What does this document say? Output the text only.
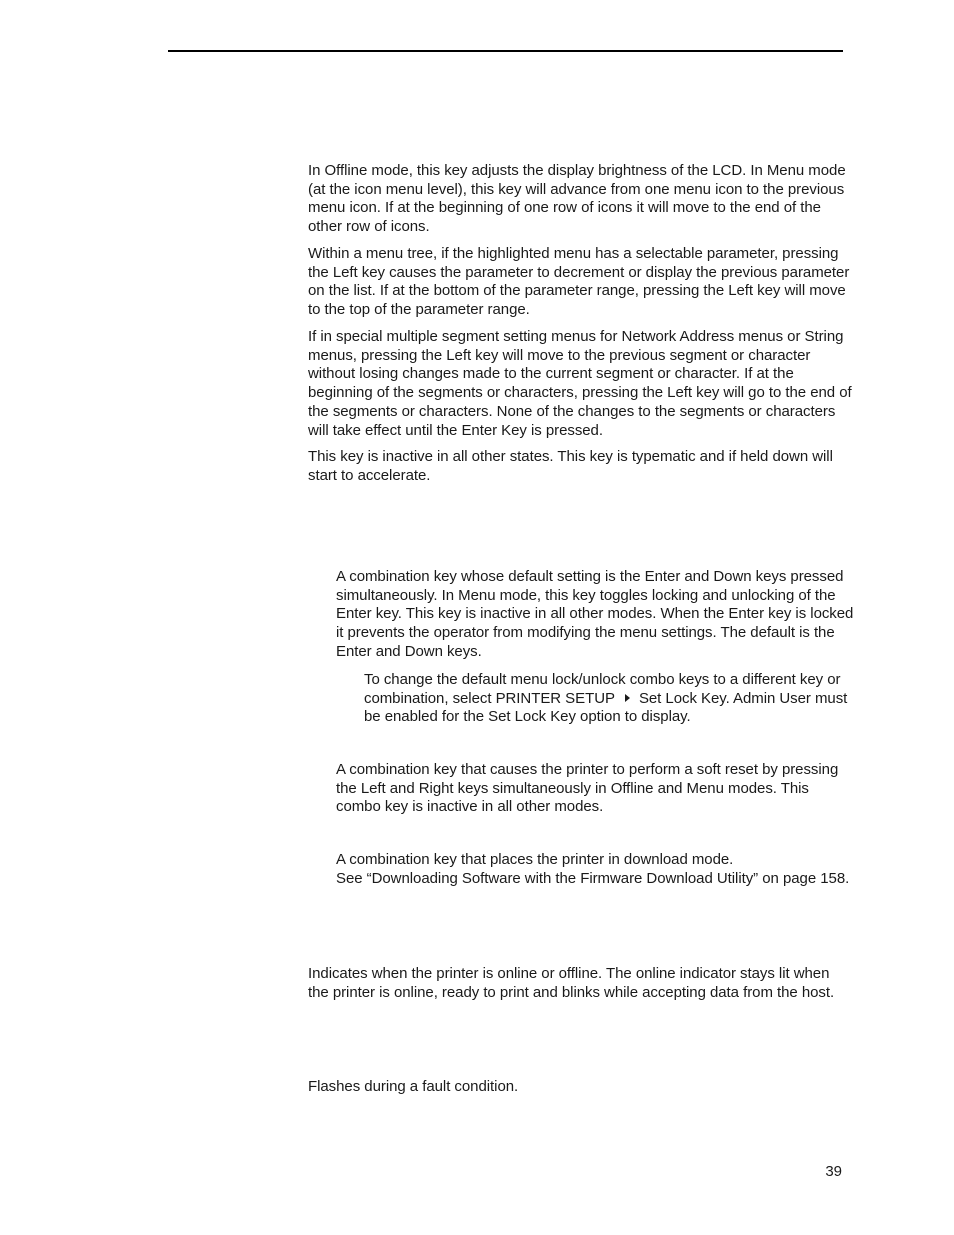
In Offline mode, this key adjusts the display brightness of the LCD. In Menu mode (at the icon menu level), this key will advance from one menu icon to the previous menu icon. If at the beginning of one row of icons it will move to the end of the other row of icons.

Within a menu tree, if the highlighted menu has a selectable parameter, pressing the Left key causes the parameter to decrement or display the previous parameter on the list. If at the bottom of the parameter range, pressing the Left key will move to the top of the parameter range.

If in special multiple segment setting menus for Network Address menus or String menus, pressing the Left key will move to the previous segment or character without losing changes made to the current segment or character. If at the beginning of the segments or characters, pressing the Left key will go to the end of the segments or characters. None of the changes to the segments or characters will take effect until the Enter Key is pressed.

This key is inactive in all other states. This key is typematic and if held down will start to accelerate.

A combination key whose default setting is the Enter and Down keys pressed simultaneously. In Menu mode, this key toggles locking and unlocking of the Enter key. This key is inactive in all other modes. When the Enter key is locked it prevents the operator from modifying the menu settings. The default is the Enter and Down keys.

To change the default menu lock/unlock combo keys to a different key or combination, select PRINTER SETUP Set Lock Key. Admin User must be enabled for the Set Lock Key option to display.

A combination key that causes the printer to perform a soft reset by pressing the Left and Right keys simultaneously in Offline and Menu modes. This combo key is inactive in all other modes.

A combination key that places the printer in download mode.
See “Downloading Software with the Firmware Download Utility” on page 158.

Indicates when the printer is online or offline. The online indicator stays lit when the printer is online, ready to print and blinks while accepting data from the host.

Flashes during a fault condition.

39
